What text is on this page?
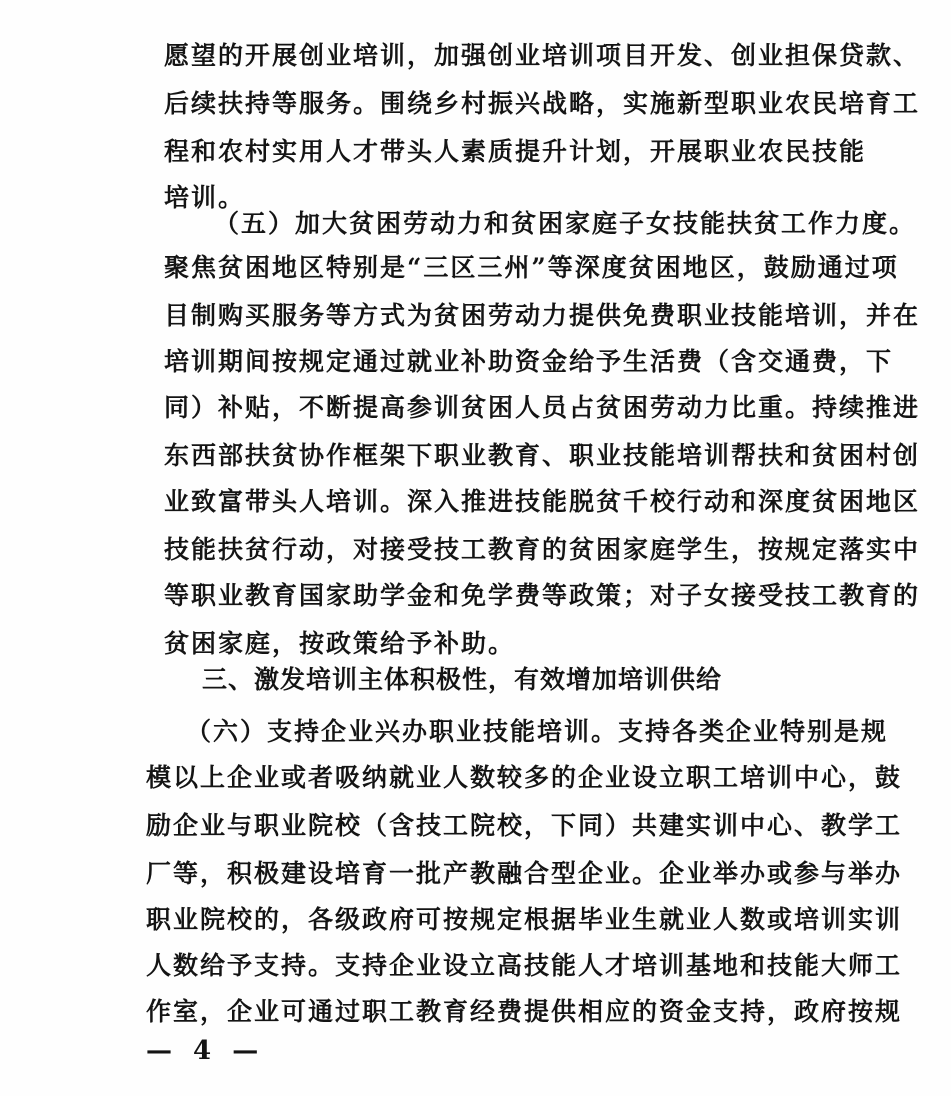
愿望的开展创业培训，加强创业培训项目开发、创业担保贷款、
后续扶持等服务。围绕乡村振兴战略，实施新型职业农民培育工
程和农村实用人才带头人素质提升计划，开展职业农民技能
培训。
（五）加大贫困劳动力和贫困家庭子女技能扶贫工作力度。
聚焦贫困地区特别是“三区三州”等深度贫困地区，鼓励通过项
目制购买服务等方式为贫困劳动力提供免费职业技能培训，并在
培训期间按规定通过就业补助资金给予生活费（含交通费，下
同）补贴，不断提高参训贫困人员占贫困劳动力比重。持续推进
东西部扶贫协作框架下职业教育、职业技能培训帮扶和贫困村创
业致富带头人培训。深入推进技能脱贫千校行动和深度贫困地区
技能扶贫行动，对接受技工教育的贫困家庭学生，按规定落实中
等职业教育国家助学金和免学费等政策；对子女接受技工教育的
贫困家庭，按政策给予补助。
三、激发培训主体积极性，有效增加培训供给
（六）支持企业兴办职业技能培训。支持各类企业特别是规
模以上企业或者吸纳就业人数较多的企业设立职工培训中心，鼓
励企业与职业院校（含技工院校，下同）共建实训中心、教学工
厂等，积极建设培育一批产教融合型企业。企业举办或参与举办
职业院校的，各级政府可按规定根据毕业生就业人数或培训实训
人数给予支持。支持企业设立高技能人才培训基地和技能大师工
作室，企业可通过职工教育经费提供相应的资金支持，政府按规
— 4 —
